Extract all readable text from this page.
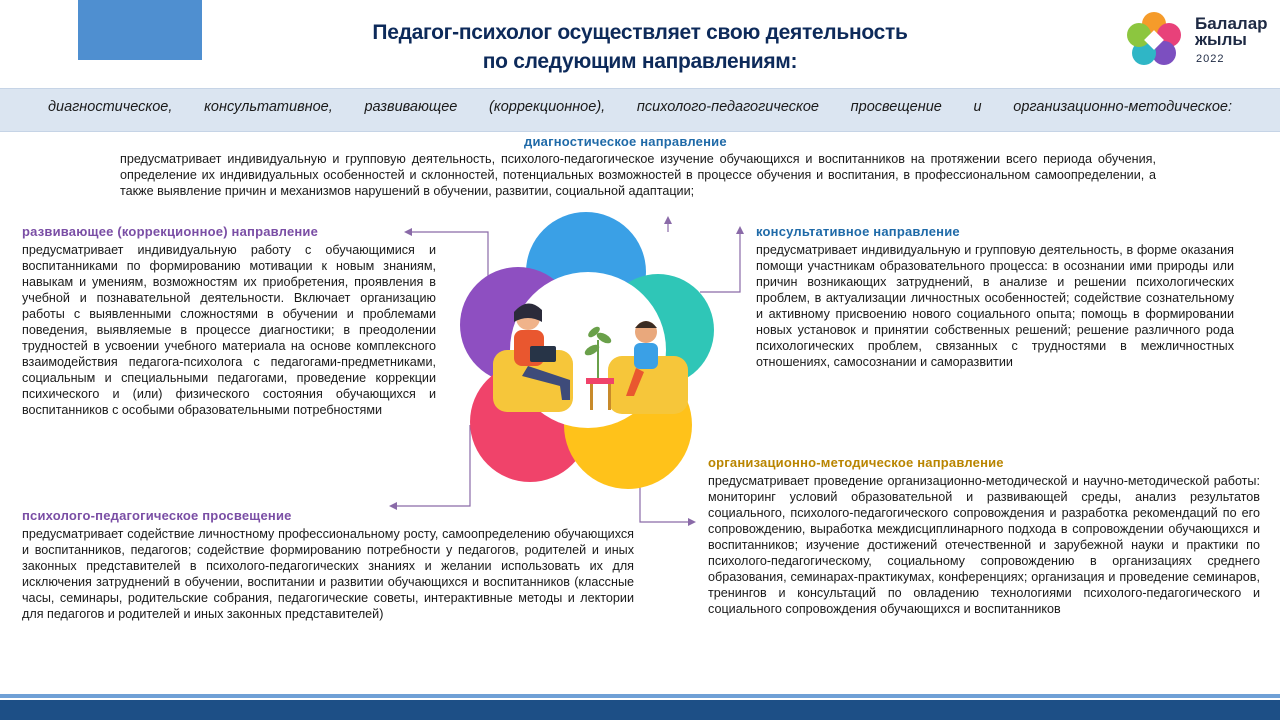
Педагог-психолог осуществляет свою деятельность
по следующим направлениям:
Балалар
жылы
2022
диагностическое, консультативное, развивающее (коррекционное), психолого-педагогическое просвещение и организационно-методическое:
диагностическое направление
предусматривает индивидуальную и групповую деятельность, психолого-педагогическое изучение обучающихся и воспитанников на протяжении всего периода обучения, определение их индивидуальных особенностей и склонностей, потенциальных возможностей в процессе обучения и воспитания, в профессиональном самоопределении, а также выявление причин и механизмов нарушений в обучении, развитии, социальной адаптации;
развивающее (коррекционное) направление
предусматривает индивидуальную работу с обучающимися и воспитанниками по формированию мотивации к новым знаниям, навыкам и умениям, возможностям их приобретения, проявления в учебной и познавательной деятельности. Включает организацию работы с выявленными сложностями в обучении и проблемами поведения, выявляемые в процессе диагностики; в преодолении трудностей в усвоении учебного материала на основе комплексного взаимодействия педагога-психолога с педагогами-предметниками, социальным и специальными педагогами, проведение коррекции психического и (или) физического состояния обучающихся и воспитанников с особыми образовательными потребностями
консультативное направление
предусматривает индивидуальную и групповую деятельность, в форме оказания помощи участникам образовательного процесса: в осознании ими природы или причин возникающих затруднений, в анализе и решении психологических проблем, в актуализации личностных особенностей; содействие сознательному и активному присвоению нового социального опыта; помощь в формировании новых установок и принятии собственных решений; решение различного рода психологических проблем, связанных с трудностями в межличностных отношениях, самосознании и саморазвитии
организационно-методическое направление
предусматривает проведение организационно-методической и научно-методической работы: мониторинг условий образовательной и развивающей среды, анализ результатов социального, психолого-педагогического сопровождения и разработка рекомендаций по его сопровождению, выработка междисциплинарного подхода в сопровождении обучающихся и воспитанников; изучение достижений отечественной и зарубежной науки и практики по психолого-педагогическому, социальному сопровождению в организациях среднего образования, семинарах-практикумах, конференциях; организация и проведение семинаров, тренингов и консультаций по овладению технологиями психолого-педагогического и социального сопровождения обучающихся и воспитанников
психолого-педагогическое просвещение
предусматривает содействие личностному профессиональному росту, самоопределению обучающихся и воспитанников, педагогов; содействие формированию потребности у педагогов, родителей и иных законных представителей в психолого-педагогических знаниях и желании использовать их для исключения затруднений в обучении, воспитании и развитии обучающихся и воспитанников (классные часы, семинары, родительские собрания, педагогические советы, интерактивные методы и лектории для педагогов и родителей и иных законных представителей)
